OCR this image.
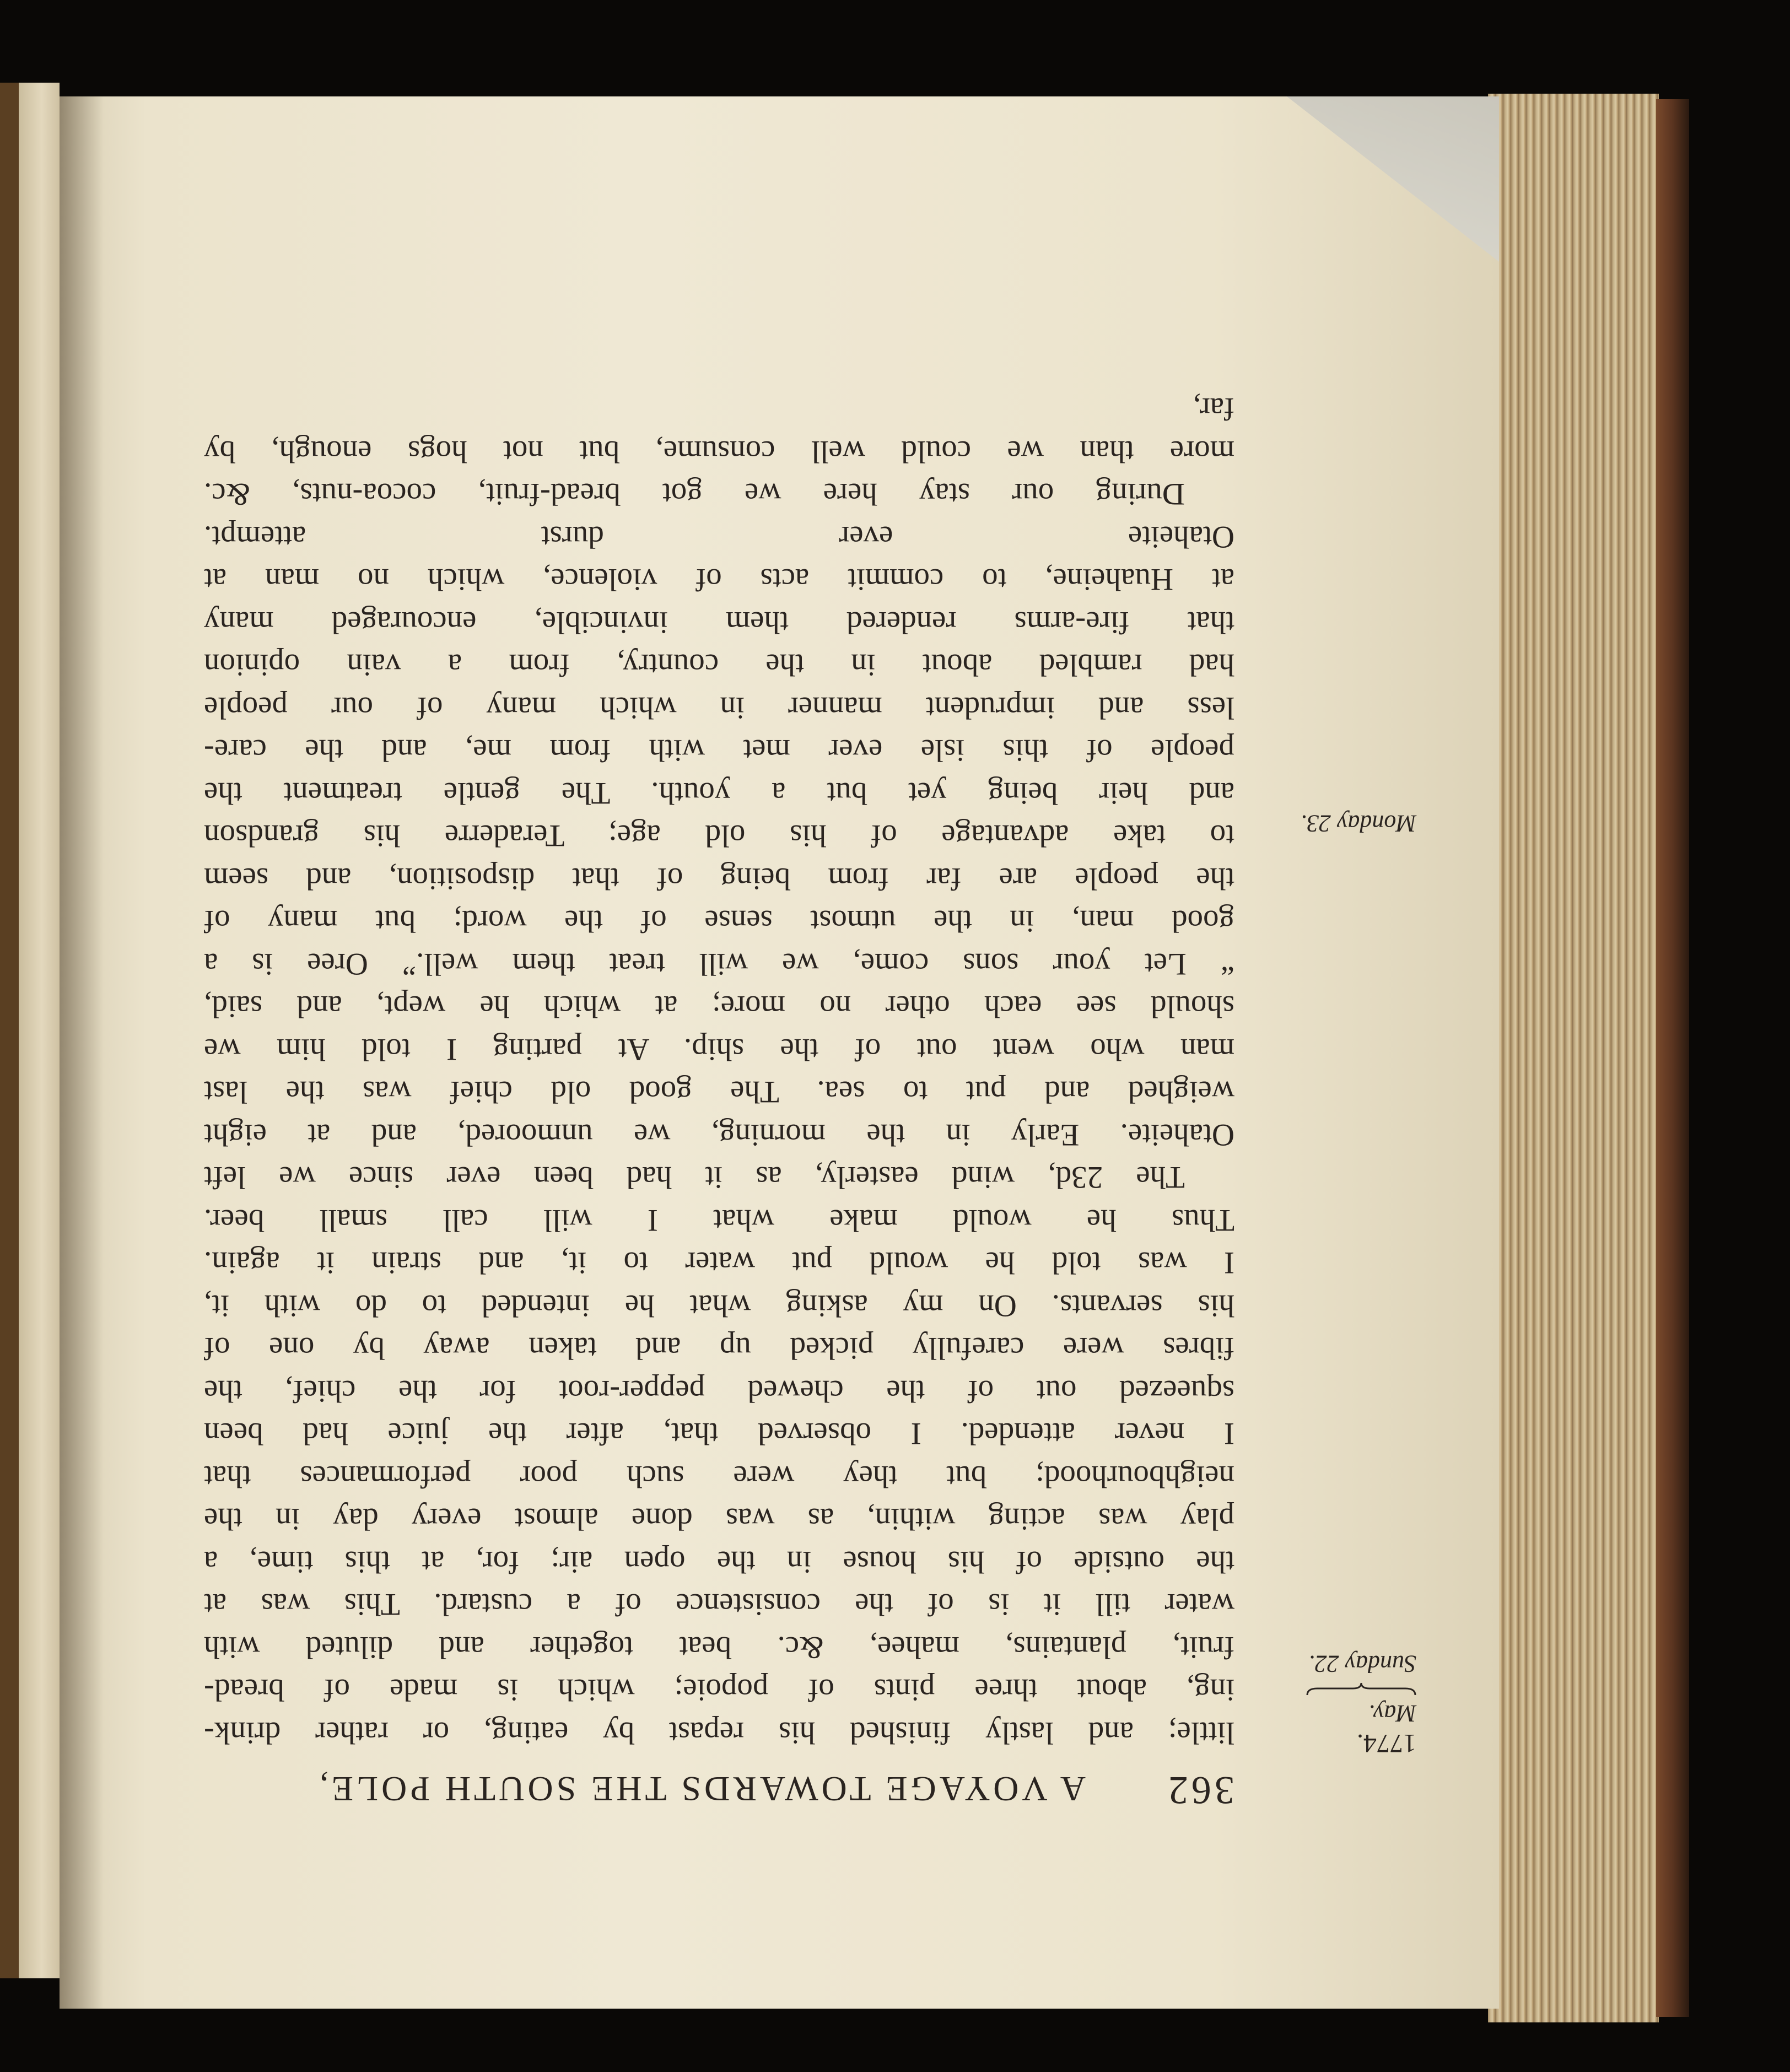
1774.
May.
Sunday 22.
Monday 23.
362
A VOYAGE TOWARDS THE SOUTH POLE,
little; and lastly finished his repast by eating, or rather drink-
ing, about three pints of popoie; which is made of bread-
fruit, plantains, mahee, &c. beat together and diluted with
water till it is of the consistence of a custard. This was at
the outside of his house in the open air; for, at this time, a
play was acting within, as was done almost every day in the
neighbourhood; but they were such poor performances that
I never attended. I observed that, after the juice had been
squeezed out of the chewed pepper-root for the chief, the
fibres were carefully picked up and taken away by one of
his servants. On my asking what he intended to do with it,
I was told he would put water to it, and strain it again.
Thus he would make what I will call small beer.
The 23d, wind easterly, as it had been ever since we left
Otaheite. Early in the morning, we unmoored, and at eight
weighed and put to sea. The good old chief was the last
man who went out of the ship. At parting I told him we
should see each other no more; at which he wept, and said,
“ Let your sons come, we will treat them well.” Oree is a
good man, in the utmost sense of the word; but many of
the people are far from being of that disposition, and seem
to take advantage of his old age; Teraderre his grandson
and heir being yet but a youth. The gentle treatment the
people of this isle ever met with from me, and the care-
less and imprudent manner in which many of our people
had rambled about in the country, from a vain opinion
that fire-arms rendered them invincible, encouraged many
at Huaheine, to commit acts of violence, which no man at
Otaheite ever durst attempt.
During our stay here we got bread-fruit, cocoa-nuts, &c.
more than we could well consume, but not hogs enough, by
far,
